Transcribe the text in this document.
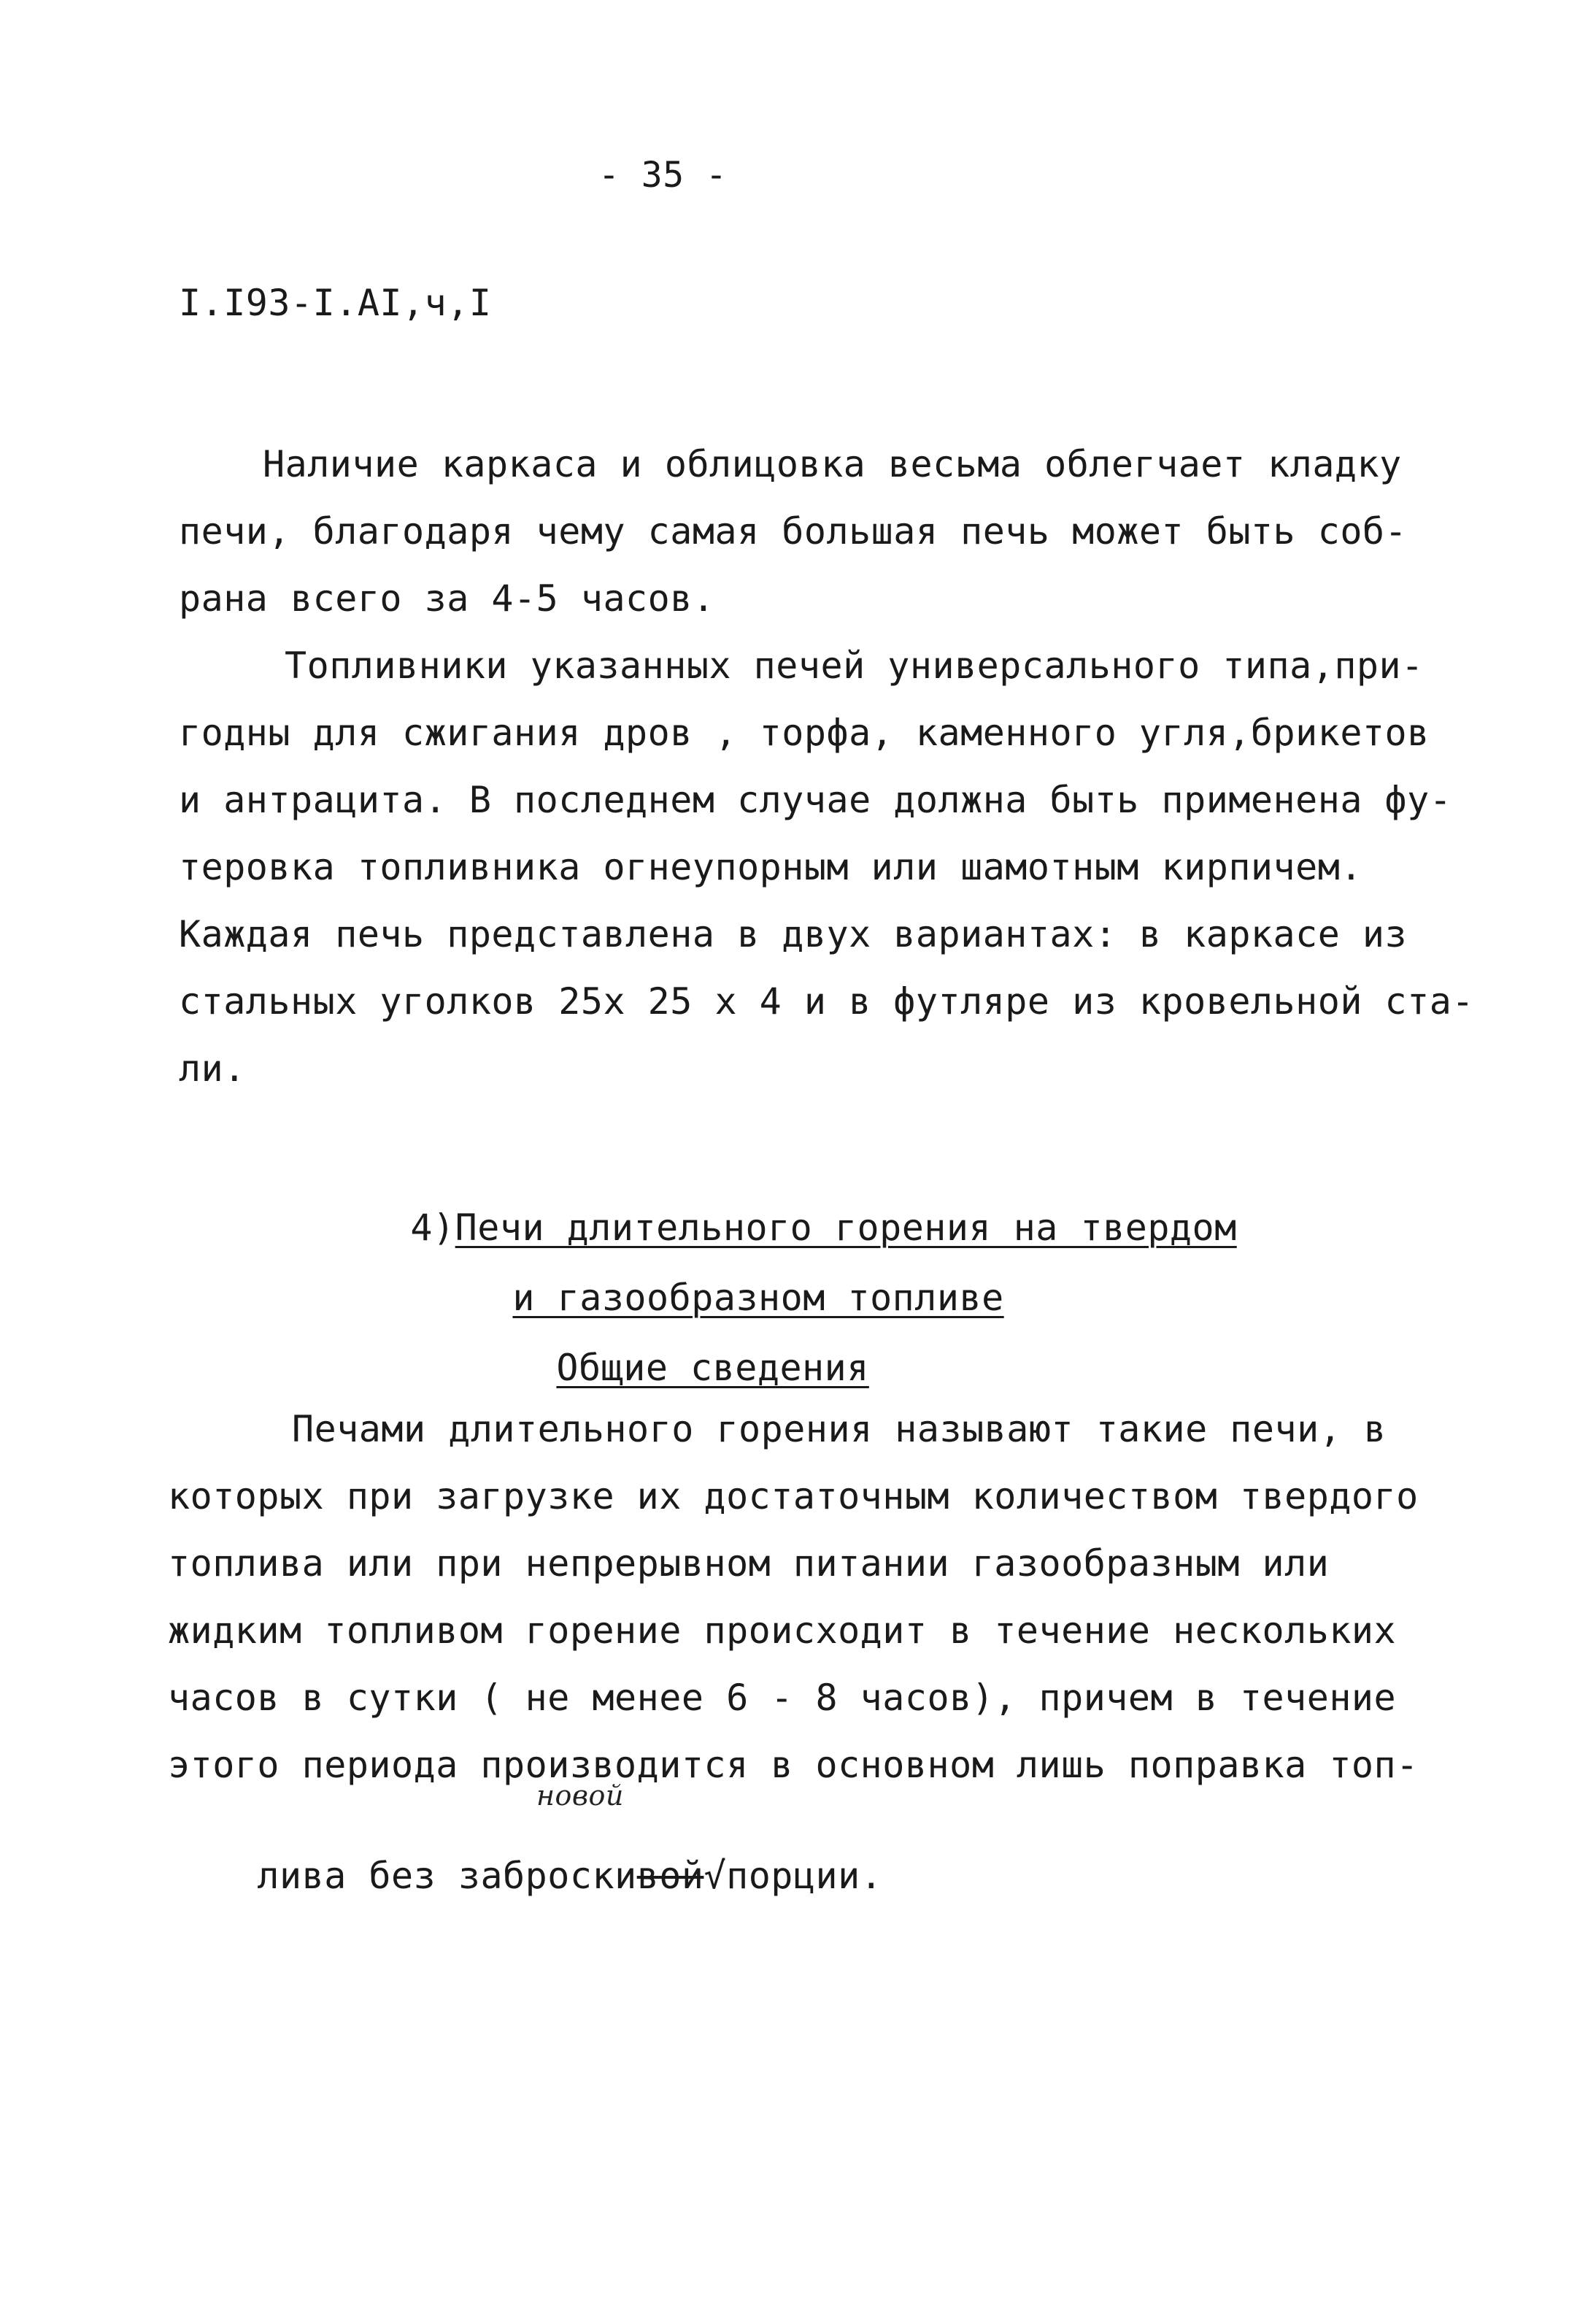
- 35 -
I.I93-I.AI,ч,I
Наличие каркаса и облицовка весьма облегчает кладку
печи, благодаря чему самая большая печь может быть соб-
рана всего за 4-5 часов.
Топливники указанных печей универсального типа,при-
годны для сжигания дров , торфа, каменного угля,брикетов
и антрацита. В последнем случае должна быть применена фу-
теровка топливника огнеупорным или шамотным кирпичем.
Каждая печь представлена в двух вариантах: в каркасе из
стальных уголков 25х 25 х 4 и в футляре из кровельной ста-
ли.

4)Печи длительного горения на твердом

и газообразном топливе

Общие сведения

Печами длительного горения называют такие печи, в
которых при загрузке их достаточным количеством твердого
топлива или при непрерывном питании газообразным или
жидким топливом горение происходит в течение нескольких
часов в сутки ( не менее 6 - 8 часов), причем в течение
этого периода производится в основном лишь поправка топ-
новой

лива без заброскивой√порции.
